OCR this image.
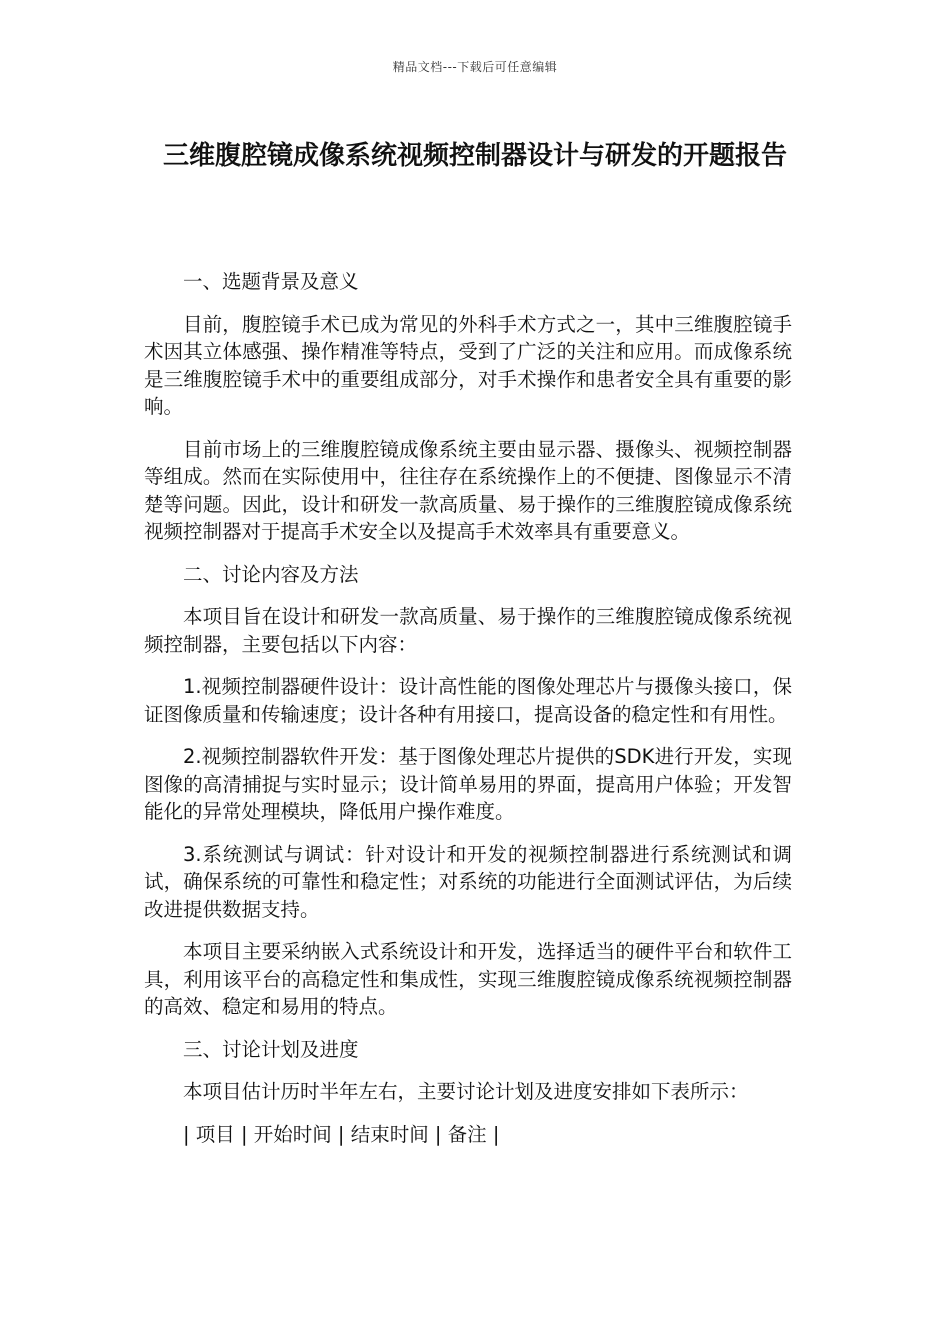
精品文档---下载后可任意编辑
三维腹腔镜成像系统视频控制器设计与研发的开题报告
一、选题背景及意义
目前，腹腔镜手术已成为常见的外科手术方式之一，其中三维腹腔镜手术因其立体感强、操作精准等特点，受到了广泛的关注和应用。而成像系统是三维腹腔镜手术中的重要组成部分，对手术操作和患者安全具有重要的影响。
目前市场上的三维腹腔镜成像系统主要由显示器、摄像头、视频控制器等组成。然而在实际使用中，往往存在系统操作上的不便捷、图像显示不清楚等问题。因此，设计和研发一款高质量、易于操作的三维腹腔镜成像系统视频控制器对于提高手术安全以及提高手术效率具有重要意义。
二、讨论内容及方法
本项目旨在设计和研发一款高质量、易于操作的三维腹腔镜成像系统视频控制器，主要包括以下内容：
1.视频控制器硬件设计：设计高性能的图像处理芯片与摄像头接口，保证图像质量和传输速度；设计各种有用接口，提高设备的稳定性和有用性。
2.视频控制器软件开发：基于图像处理芯片提供的SDK进行开发，实现图像的高清捕捉与实时显示；设计简单易用的界面，提高用户体验；开发智能化的异常处理模块，降低用户操作难度。
3.系统测试与调试：针对设计和开发的视频控制器进行系统测试和调试，确保系统的可靠性和稳定性；对系统的功能进行全面测试评估，为后续改进提供数据支持。
本项目主要采纳嵌入式系统设计和开发，选择适当的硬件平台和软件工具，利用该平台的高稳定性和集成性，实现三维腹腔镜成像系统视频控制器的高效、稳定和易用的特点。
三、讨论计划及进度
本项目估计历时半年左右，主要讨论计划及进度安排如下表所示：
| 项目 | 开始时间 | 结束时间 | 备注 |
